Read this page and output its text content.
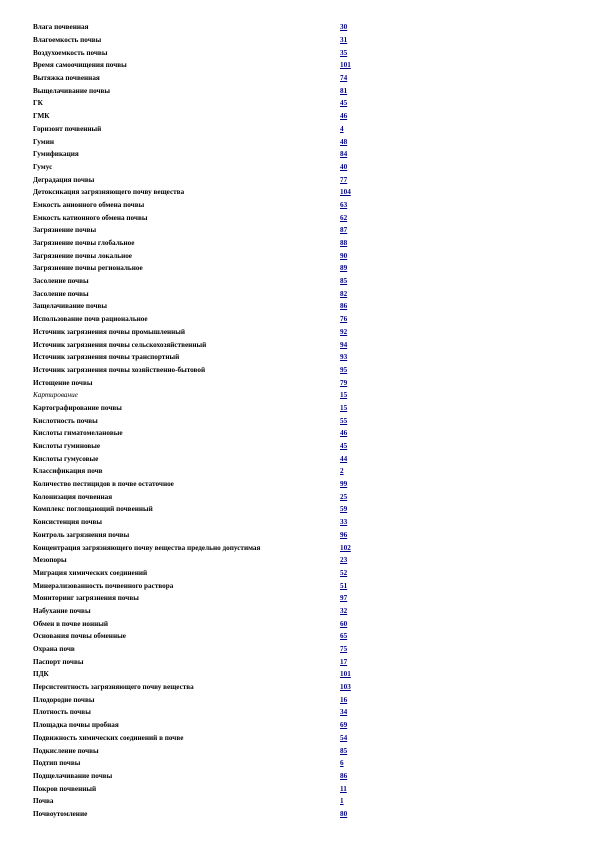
Влага почвенная	30
Влагоемкость почвы	31
Воздухоемкость почвы	35
Время самоочищения почвы	101
Вытяжка почвенная	74
Выщелачивание почвы	81
ГК	45
ГМК	46
Горизонт почвенный	4
Гумин	48
Гумификация	84
Гумус	40
Деградация почвы	77
Детоксикация загрязняющего почву вещества	104
Емкость анионного обмена почвы	63
Емкость катионного обмена почвы	62
Загрязнение почвы	87
Загрязнение почвы глобальное	88
Загрязнение почвы локальное	90
Загрязнение почвы региональное	89
Засоление почвы	85
Засоление почвы	82
Защелачивание почвы	86
Использование почв рациональное	76
Источник загрязнения почвы промышленный	92
Источник загрязнения почвы сельскохозяйственный	94
Источник загрязнения почвы транспортный	93
Источник загрязнения почвы хозяйственно-бытовой	95
Истощение почвы	79
Картирование	15
Картографирование почвы	15
Кислотность почвы	55
Кислоты гиматомелановые	46
Кислоты гуминовые	45
Кислоты гумусовые	44
Классификация почв	2
Количество пестицидов в почве остаточное	99
Колонизация почвенная	25
Комплекс поглощающий почвенный	59
Консистенция почвы	33
Контроль загрязнения почвы	96
Концентрация загрязняющего почву вещества предельно допустимая	102
Мезопоры	23
Миграция химических соединений	52
Минерализованность почвенного раствора	51
Мониторинг загрязнения почвы	97
Набухание почвы	32
Обмен в почве ионный	60
Основания почвы обменные	65
Охрана почв	75
Паспорт почвы	17
ПДК	101
Персистентность загрязняющего почву вещества	103
Плодородие почвы	16
Плотность почвы	34
Площадка почвы пробная	69
Подвижность химических соединений в почве	54
Подкисление почвы	85
Подтип почвы	6
Подщелачивание почвы	86
Покров почвенный	11
Почва	1
Почвоутомление	80
